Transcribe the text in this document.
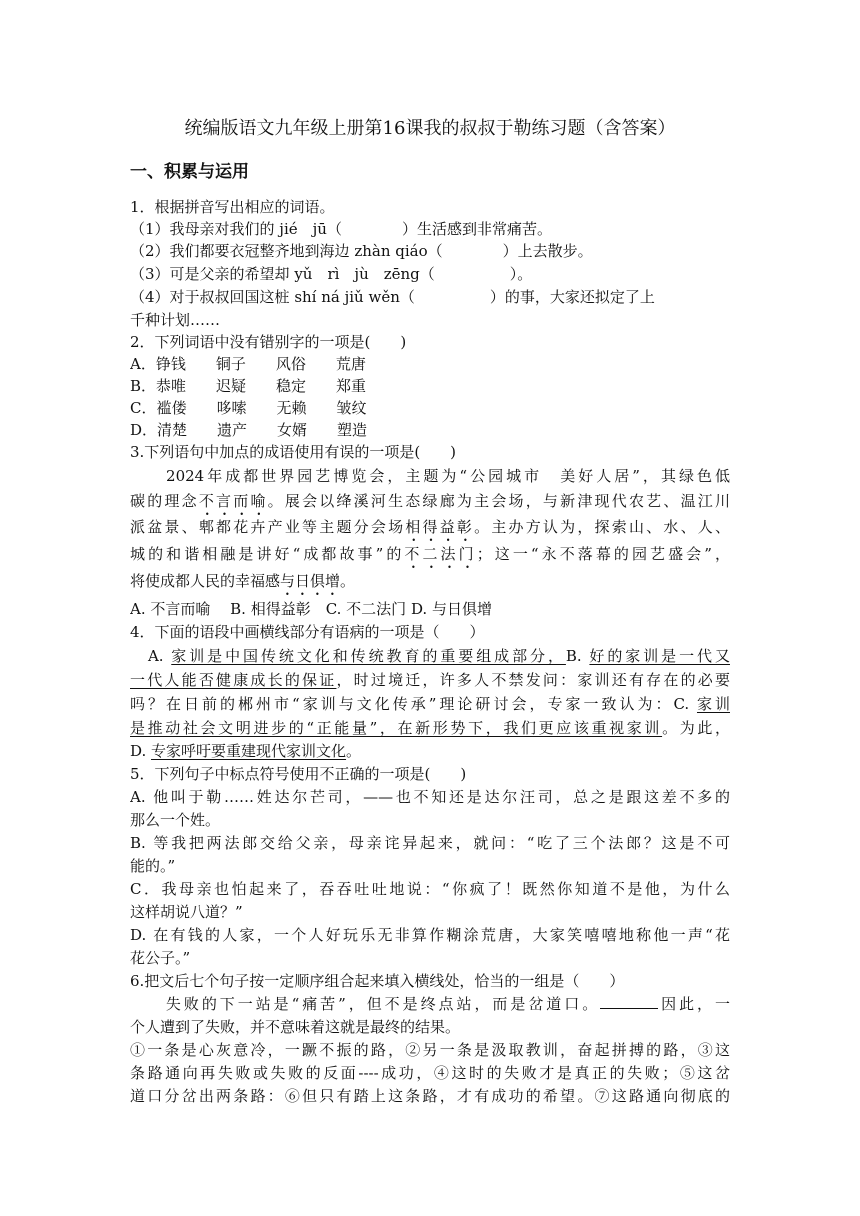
统编版语文九年级上册第16课我的叔叔于勒练习题（含答案）
一、积累与运用
1．根据拼音写出相应的词语。
（1）我母亲对我们的 jié　jū（　　　　）生活感到非常痛苦。
（2）我们都要衣冠整齐地到海边 zhàn qiáo（　　　　）上去散步。
（3）可是父亲的希望却 yǔ　rì　jù　zēng（　　　　　）。
（4）对于叔叔回国这桩 shí ná jiǔ wěn（　　　　　）的事，大家还拟定了上
千种计划……
2．下列词语中没有错别字的一项是(　　)
A．铮钱　　铜子　　风俗　　荒唐
B．恭唯　　迟疑　　稳定　　郑重
C．褴偻　　哆嗦　　无赖　　皱纹
D．清楚　　遗产　　女婿　　塑造
3.下列语句中加点的成语使用有误的一项是(　　)
　　2024年成都世界园艺博览会，主题为“公园城市　美好人居”，其绿色低
碳的理念不言而喻。展会以绛溪河生态绿廊为主会场，与新津现代农艺、温江川
派盆景、郫都花卉产业等主题分会场相得益彰。主办方认为，探索山、水、人、
城的和谐相融是讲好“成都故事”的不二法门；这一“永不落幕的园艺盛会”，
将使成都人民的幸福感与日俱增。
A. 不言而喻　 B. 相得益彰　C. 不二法门 D. 与日俱增
4．下面的语段中画横线部分有语病的一项是（　　）
　A. 家训是中国传统文化和传统教育的重要组成部分，B. 好的家训是一代又
一代人能否健康成长的保证，时过境迁，许多人不禁发问：家训还有存在的必要
吗？在日前的郴州市“家训与文化传承”理论研讨会，专家一致认为：C. 家训
是推动社会文明进步的“正能量”，在新形势下，我们更应该重视家训。为此，
D. 专家呼吁要重建现代家训文化。
5．下列句子中标点符号使用不正确的一项是(　　)
A. 他叫于勒……姓达尔芒司，——也不知还是达尔汪司，总之是跟这差不多的
那么一个姓。
B. 等我把两法郎交给父亲，母亲诧异起来，就问：“吃了三个法郎？这是不可
能的。”
C．我母亲也怕起来了，吞吞吐吐地说：“你疯了！既然你知道不是他，为什么
这样胡说八道？”
D. 在有钱的人家，一个人好玩乐无非算作糊涂荒唐，大家笑嘻嘻地称他一声“花
花公子。”
6.把文后七个句子按一定顺序组合起来填入横线处，恰当的一组是（　　）
　　失败的下一站是“痛苦”，但不是终点站，而是岔道口。	因此，一
个人遭到了失败，并不意味着这就是最终的结果。
①一条是心灰意冷，一蹶不振的路，②另一条是汲取教训，奋起拼搏的路，③这
条路通向再失败或失败的反面----成功，④这时的失败才是真正的失败；⑤这岔
道口分岔出两条路：⑥但只有踏上这条路，才有成功的希望。⑦这路通向彻底的
